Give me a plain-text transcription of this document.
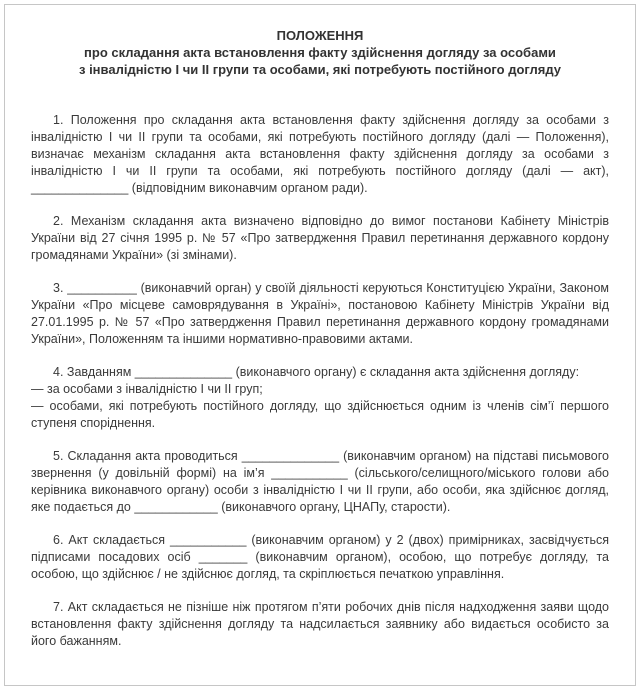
ПОЛОЖЕННЯ
про складання акта встановлення факту здійснення догляду за особами
з інвалідністю I чи II групи та особами, які потребують постійного догляду

1. Положення про складання акта встановлення факту здійснення догляду за особами з інвалідністю I чи II групи та особами, які потребують постійного догляду (далі — Положення), визначає механізм складання акта встановлення факту здійснення догляду за особами з інвалідністю I чи II групи та особами, які потребують постійного догляду (далі — акт), ______________ (відповідним виконавчим органом ради).

2. Механізм складання акта визначено відповідно до вимог постанови Кабінету Міністрів України від 27 січня 1995 р. № 57 «Про затвердження Правил перетинання державного кордону громадянами України» (зі змінами).

3. __________ (виконавчий орган) у своїй діяльності керуються Конституцією України, Законом України «Про місцеве самоврядування в Україні», постановою Кабінету Міністрів України від 27.01.1995 р. № 57 «Про затвердження Правил перетинання державного кордону громадянами України», Положенням та іншими нормативно-правовими актами.

4. Завданням ______________ (виконавчого органу) є складання акта здійснення догляду:

— за особами з інвалідністю I чи II груп;

— особами, які потребують постійного догляду, що здійснюється одним із членів сім’ї першого ступеня споріднення.

5. Складання акта проводиться ______________ (виконавчим органом) на підставі письмового звернення (у довільній формі) на ім’я ___________ (сільського/селищного/міського голови або керівника виконавчого органу) особи з інвалідністю I чи II групи, або особи, яка здійснює догляд, яке подається до ____________ (виконавчого органу, ЦНАПу, старости).

6. Акт складається ___________ (виконавчим органом) у 2 (двох) примірниках, засвідчується підписами посадових осіб _______ (виконавчим органом), особою, що потребує догляду, та особою, що здійснює / не здійснює догляд, та скріплюється печаткою управління.

7. Акт складається не пізніше ніж протягом п’яти робочих днів після надходження заяви щодо встановлення факту здійснення догляду та надсилається заявнику або видається особисто за його бажанням.
